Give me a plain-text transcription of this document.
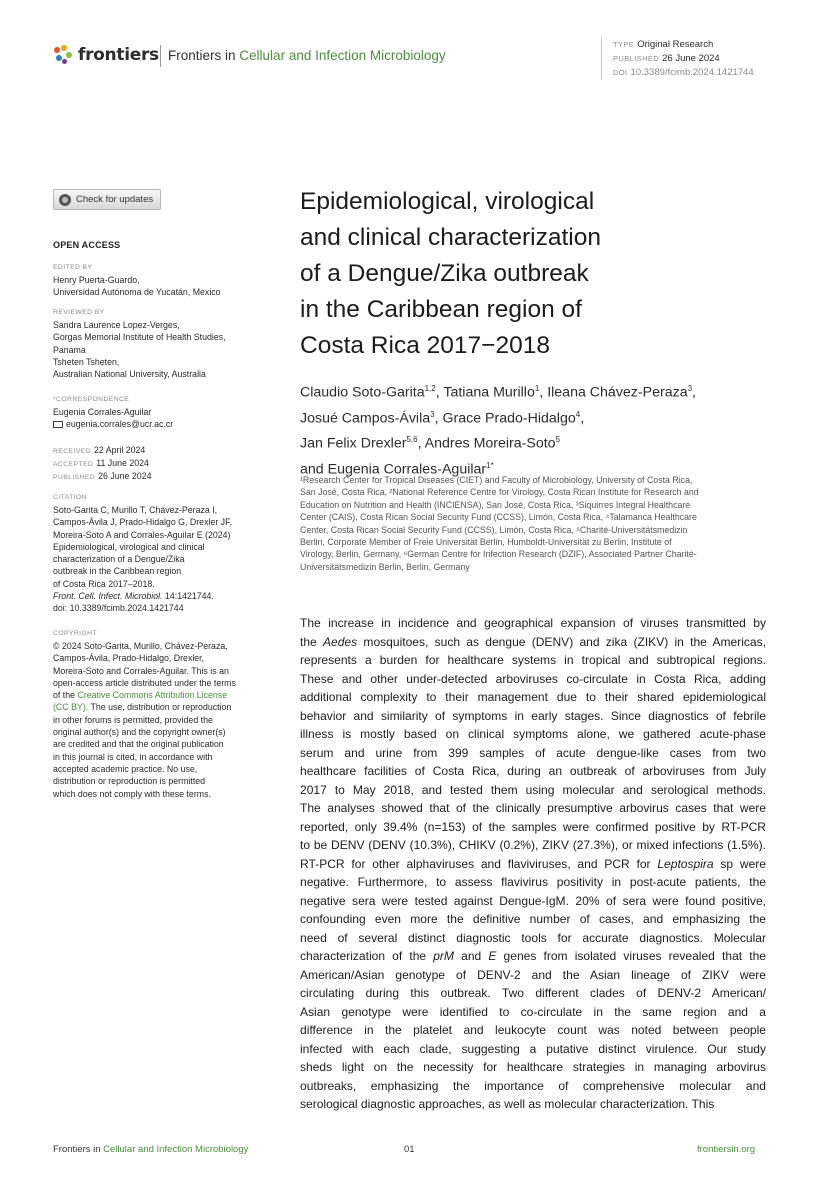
frontiers Frontiers in Cellular and Infection Microbiology
TYPE Original Research
PUBLISHED 26 June 2024
DOI 10.3389/fcimb.2024.1421744
Check for updates
OPEN ACCESS
EDITED BY
Henry Puerta-Guardo,
Universidad Autónoma de Yucatán, Mexico
REVIEWED BY
Sandra Laurence Lopez-Verges,
Gorgas Memorial Institute of Health Studies,
Panama
Tsheten Tsheten,
Australian National University, Australia
*CORRESPONDENCE
Eugenia Corrales-Aguilar
eugenia.corrales@ucr.ac.cr
RECEIVED 22 April 2024
ACCEPTED 11 June 2024
PUBLISHED 26 June 2024
CITATION
Soto-Garita C, Murillo T, Chávez-Peraza I,
Campos-Ávila J, Prado-Hidalgo G, Drexler JF,
Moreira-Soto A and Corrales-Aguilar E (2024)
Epidemiological, virological and clinical
characterization of a Dengue/Zika
outbreak in the Caribbean region
of Costa Rica 2017–2018.
Front. Cell. Infect. Microbiol. 14:1421744.
doi: 10.3389/fcimb.2024.1421744
COPYRIGHT
© 2024 Soto-Garita, Murillo, Chávez-Peraza,
Campos-Ávila, Prado-Hidalgo, Drexler,
Moreira-Soto and Corrales-Aguilar. This is an
open-access article distributed under the terms
of the Creative Commons Attribution License
(CC BY). The use, distribution or reproduction
in other forums is permitted, provided the
original author(s) and the copyright owner(s)
are credited and that the original publication
in this journal is cited, in accordance with
accepted academic practice. No use,
distribution or reproduction is permitted
which does not comply with these terms.
Epidemiological, virological
and clinical characterization
of a Dengue/Zika outbreak
in the Caribbean region of
Costa Rica 2017−2018
Claudio Soto-Garita$^{1,2}$, Tatiana Murillo$^1$, Ileana Chávez-Peraza$^3$,
Josué Campos-Ávila$^3$, Grace Prado-Hidalgo$^4$,
Jan Felix Drexler$^{5,6}$, Andres Moreira-Soto$^5$
and Eugenia Corrales-Aguilar$^{1*}$
¹Research Center for Tropical Diseases (CIET) and Faculty of Microbiology, University of Costa Rica,
San José, Costa Rica, ²National Reference Centre for Virology, Costa Rican Institute for Research and
Education on Nutrition and Health (INCIENSA), San José, Costa Rica, ³Siquirres Integral Healthcare
Center (CAIS), Costa Rican Social Security Fund (CCSS), Limón, Costa Rica, ⁴Talamanca Healthcare
Center, Costa Rican Social Security Fund (CCSS), Limón, Costa Rica, ⁵Charité-Universitätsmedizin
Berlin, Corporate Member of Freie Universität Berlin, Humboldt-Universität zu Berlin, Institute of
Virology, Berlin, Germany, ⁶German Centre for Infection Research (DZIF), Associated Partner Charité-
Universitätsmedizin Berlin, Berlin, Germany
The increase in incidence and geographical expansion of viruses transmitted by
the Aedes mosquitoes, such as dengue (DENV) and zika (ZIKV) in the Americas,
represents a burden for healthcare systems in tropical and subtropical regions.
These and other under-detected arboviruses co-circulate in Costa Rica, adding
additional complexity to their management due to their shared epidemiological
behavior and similarity of symptoms in early stages. Since diagnostics of febrile
illness is mostly based on clinical symptoms alone, we gathered acute-phase
serum and urine from 399 samples of acute dengue-like cases from two
healthcare facilities of Costa Rica, during an outbreak of arboviruses from July
2017 to May 2018, and tested them using molecular and serological methods.
The analyses showed that of the clinically presumptive arbovirus cases that were
reported, only 39.4% (n=153) of the samples were confirmed positive by RT-PCR
to be DENV (DENV (10.3%), CHIKV (0.2%), ZIKV (27.3%), or mixed infections (1.5%).
RT-PCR for other alphaviruses and flaviviruses, and PCR for Leptospira sp were
negative. Furthermore, to assess flavivirus positivity in post-acute patients, the
negative sera were tested against Dengue-IgM. 20% of sera were found positive,
confounding even more the definitive number of cases, and emphasizing the
need of several distinct diagnostic tools for accurate diagnostics. Molecular
characterization of the prM and E genes from isolated viruses revealed that the
American/Asian genotype of DENV-2 and the Asian lineage of ZIKV were
circulating during this outbreak. Two different clades of DENV-2 American/
Asian genotype were identified to co-circulate in the same region and a
difference in the platelet and leukocyte count was noted between people
infected with each clade, suggesting a putative distinct virulence. Our study
sheds light on the necessity for healthcare strategies in managing arbovirus
outbreaks, emphasizing the importance of comprehensive molecular and
serological diagnostic approaches, as well as molecular characterization. This
Frontiers in Cellular and Infection Microbiology	01	frontiersin.org
